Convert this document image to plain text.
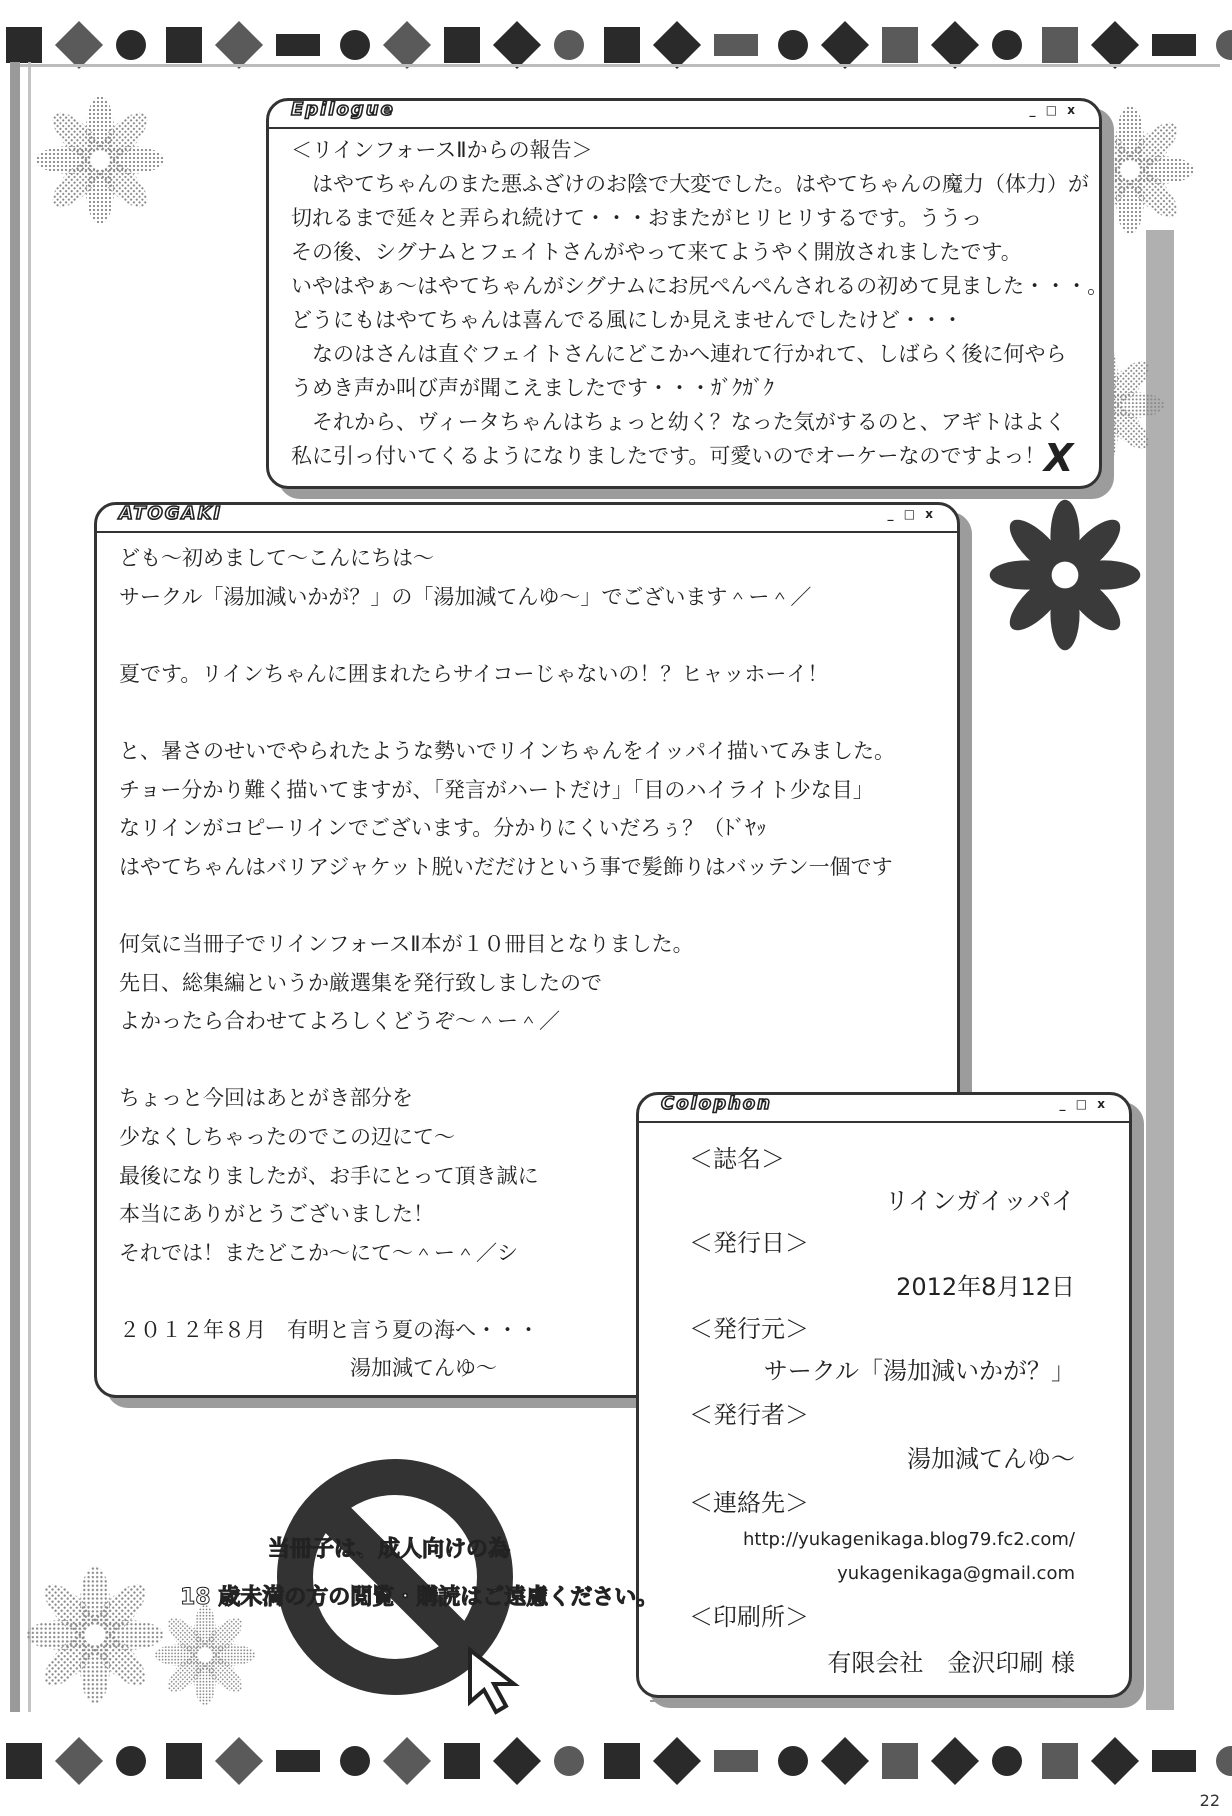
Epilogue	_ □ x
＜リインフォースⅡからの報告＞
　はやてちゃんのまた悪ふざけのお陰で大変でした。はやてちゃんの魔力（体力）が
切れるまで延々と弄られ続けて・・・おまたがヒリヒリするです。ううっ
その後、シグナムとフェイトさんがやって来てようやく開放されましたです。
いやはやぁ～はやてちゃんがシグナムにお尻ぺんぺんされるの初めて見ました・・・。
どうにもはやてちゃんは喜んでる風にしか見えませんでしたけど・・・
　なのはさんは直ぐフェイトさんにどこかへ連れて行かれて、しばらく後に何やら
うめき声か叫び声が聞こえましたです・・・ｶﾞｸｶﾞｸ
　それから、ヴィータちゃんはちょっと幼く？なった気がするのと、アギトはよく
私に引っ付いてくるようになりましたです。可愛いのでオーケーなのですよっ！
X
ATOGAKI	_ □ x
ども～初めまして～こんにちは～
サークル「湯加減いかが？」の「湯加減てんゆ～」でございます＾ー＾／
夏です。リインちゃんに囲まれたらサイコーじゃないの！？ヒャッホーイ！
と、暑さのせいでやられたような勢いでリインちゃんをイッパイ描いてみました。
チョー分かり難く描いてますが、「発言がハートだけ」「目のハイライト少な目」
なリインがコピーリインでございます。分かりにくいだろぅ？（ﾄﾞﾔｯ
はやてちゃんはバリアジャケット脱いだだけという事で髪飾りはバッテン一個です
何気に当冊子でリインフォースⅡ本が１０冊目となりました。
先日、総集編というか厳選集を発行致しましたので
よかったら合わせてよろしくどうぞ～＾ー＾／
ちょっと今回はあとがき部分を
少なくしちゃったのでこの辺にて～
最後になりましたが、お手にとって頂き誠に
本当にありがとうございました！
それでは！またどこか～にて～＾ー＾／シ
２０１２年８月　有明と言う夏の海へ・・・
　　　　　　　　　　　湯加減てんゆ～
Colophon	_ □ x
＜誌名＞
リインガイッパイ
＜発行日＞
2012年8月12日
＜発行元＞
サークル「湯加減いかが？」
＜発行者＞
湯加減てんゆ～
＜連絡先＞
http://yukagenikaga.blog79.fc2.com/
yukagenikaga@gmail.com
＜印刷所＞
有限会社　金沢印刷 様
当冊子は、成人向けの為
18 歳未満の方の閲覧・購読はご遠慮ください。
22
